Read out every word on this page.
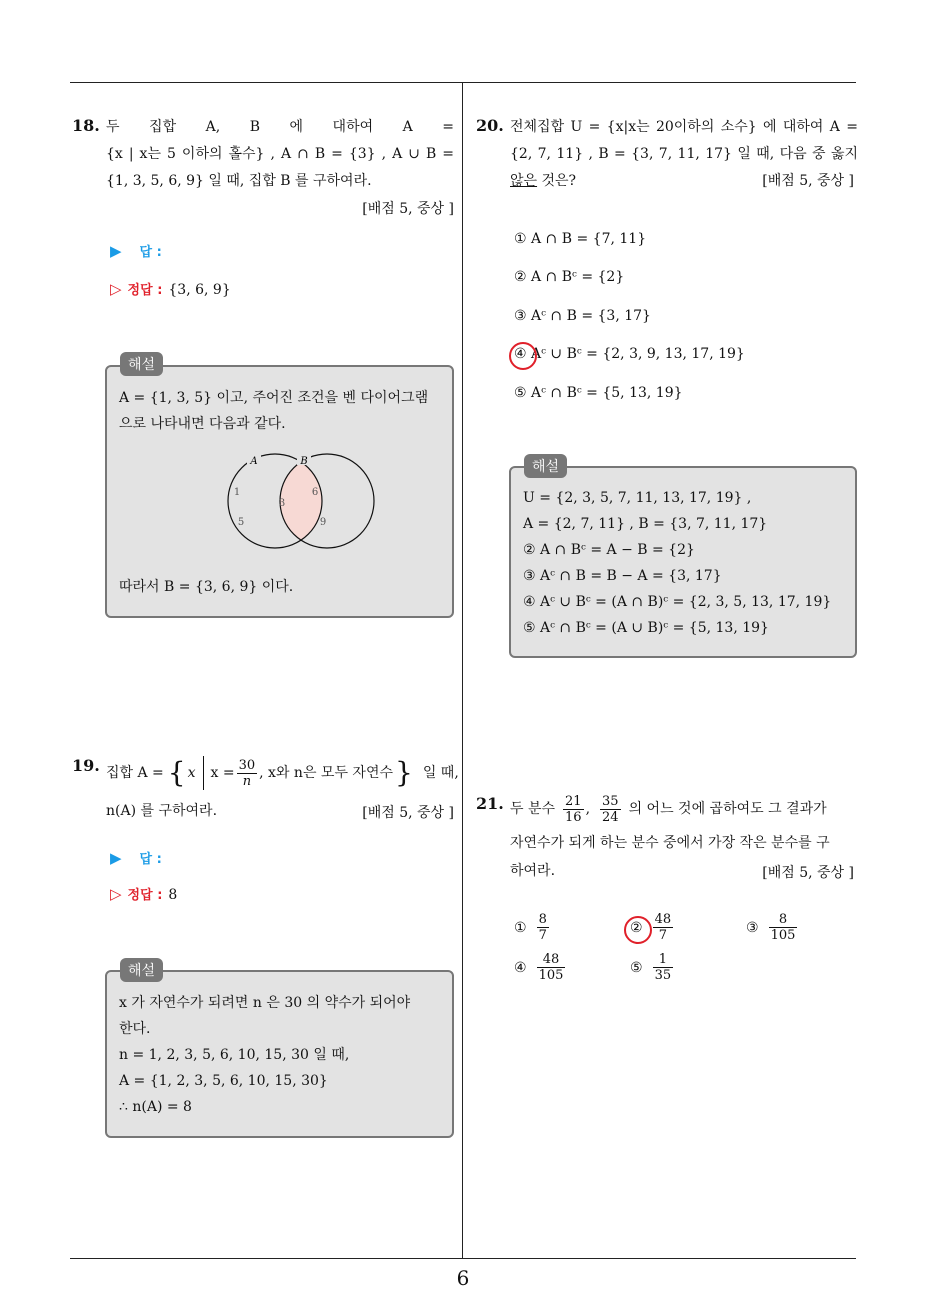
6
18. 두 집합 A, B 에 대하여 A =
{x | x는 5 이하의 홀수} , A ∩ B = {3} , A ∪ B =
{1, 3, 5, 6, 9} 일 때, 집합 B 를 구하여라.
[배점 5, 중상 ]
▶ 답 :
▷ 정답 : {3, 6, 9}
A = {1, 3, 5} 이고, 주어진 조건을 벤 다이어그램
으로 나타내면 다음과 같다.
A	B
1
5
3
6
9
따라서 B = {3, 6, 9} 이다.
해설
19. 집합 A = { x $x = \frac{30}{n}$ , x와 n은 모두 자연수 } 일 때,
n(A) 를 구하여라.	[배점 5, 중상 ]
▶ 답 :
▷ 정답 : 8
x 가 자연수가 되려면 n 은 30 의 약수가 되어야
한다.
n = 1, 2, 3, 5, 6, 10, 15, 30 일 때,
A = {1, 2, 3, 5, 6, 10, 15, 30}
∴ n(A) = 8
해설
20. 전체집합 U = {x|x는 20이하의 소수} 에 대하여 A =
{2, 7, 11} , B = {3, 7, 11, 17} 일 때, 다음 중 옳지
않은 것은?	[배점 5, 중상 ]
① A ∩ B = {7, 11}
② A ∩ Bᶜ = {2}
③ Aᶜ ∩ B = {3, 17}
④ Aᶜ ∪ Bᶜ = {2, 3, 9, 13, 17, 19}
⑤ Aᶜ ∩ Bᶜ = {5, 13, 19}
U = {2, 3, 5, 7, 11, 13, 17, 19} ,
A = {2, 7, 11} , B = {3, 7, 11, 17}
② A ∩ Bᶜ = A − B = {2}
③ Aᶜ ∩ B = B − A = {3, 17}
④ Aᶜ ∪ Bᶜ = (A ∩ B)ᶜ = {2, 3, 5, 13, 17, 19}
⑤ Aᶜ ∩ Bᶜ = (A ∪ B)ᶜ = {5, 13, 19}
해설
21. 두 분수 $\frac{21}{16}$ , $\frac{35}{24}$ 의 어느 것에 곱하여도 그 결과가
자연수가 되게 하는 분수 중에서 가장 작은 분수를 구
하여라.	[배점 5, 중상 ]
① $\frac{8}{7}$	② $\frac{48}{7}$	③ $\frac{8}{105}$
④ $\frac{48}{105}$	⑤ $\frac{1}{35}$
